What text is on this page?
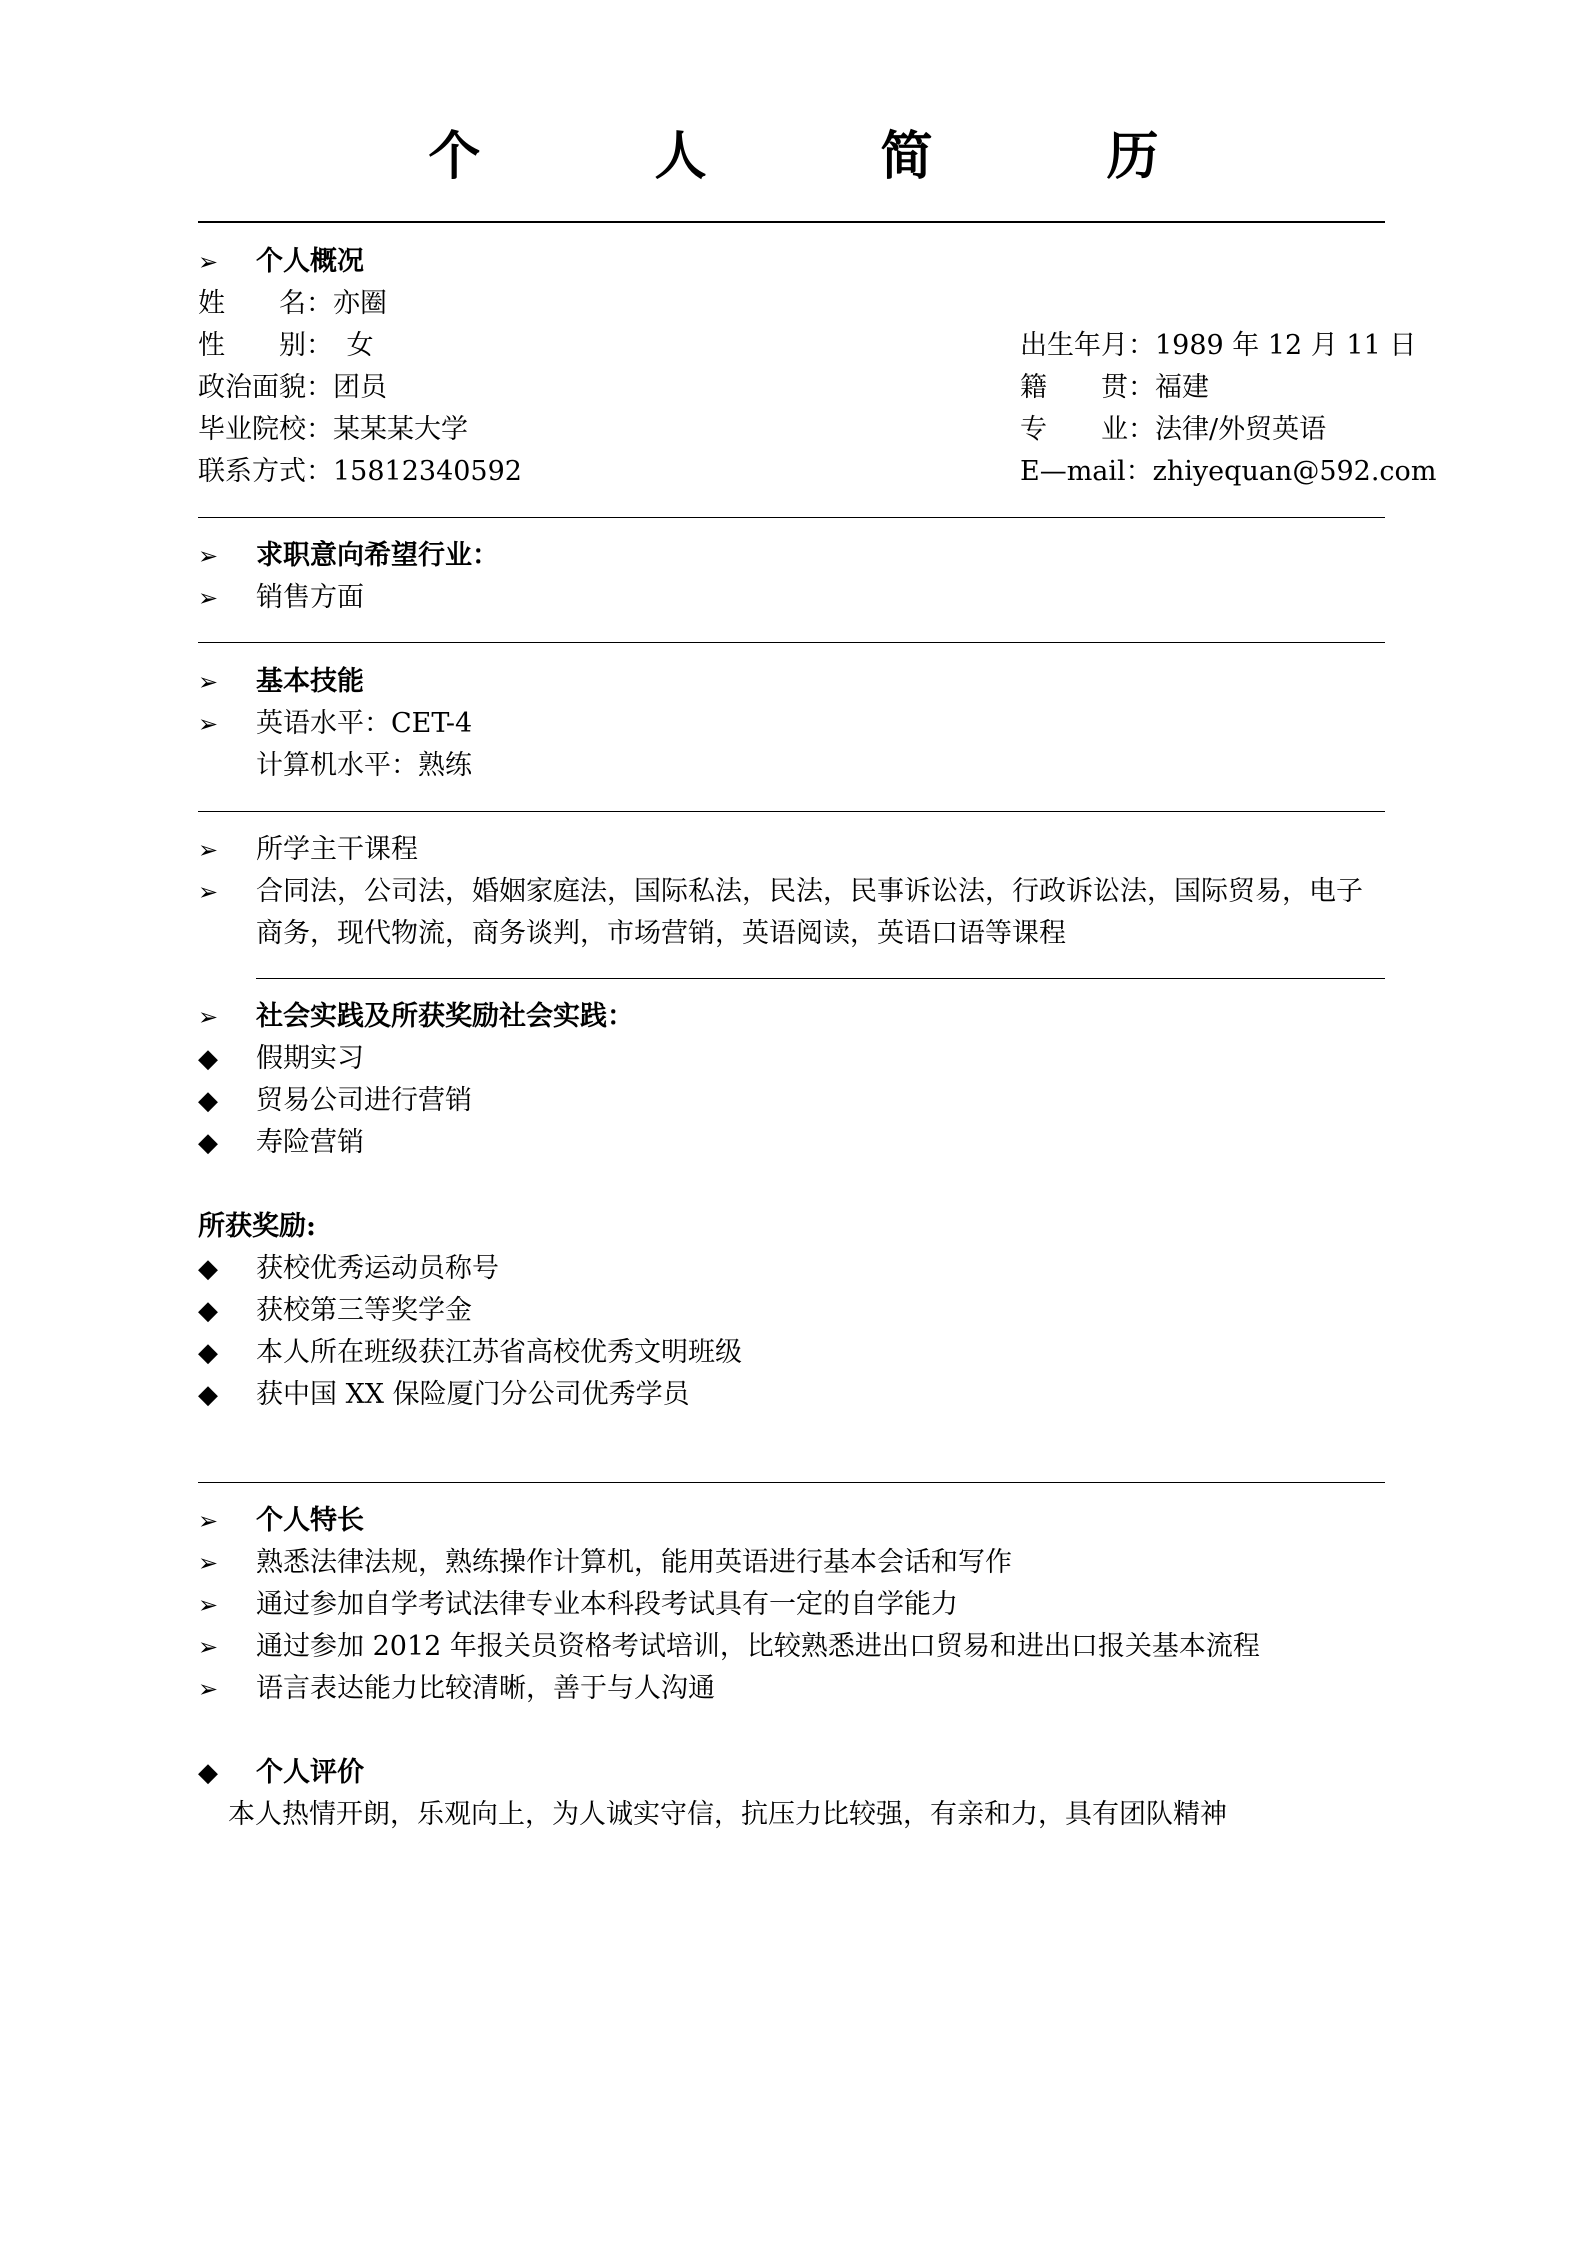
个 人 简 历
➢ 个人概况
姓　　名：亦圈
性　　别：　女	出生年月：1989 年 12 月 11 日
政治面貌：团员	籍　　贯：福建
毕业院校：某某某大学	专　　业：法律/外贸英语
联系方式：15812340592	E—mail：zhiyequan@592.com
➢ 求职意向希望行业：
➢ 销售方面
➢ 基本技能
➢ 英语水平：CET-4
计算机水平：熟练
➢ 所学主干课程
➢ 合同法，公司法，婚姻家庭法，国际私法，民法，民事诉讼法，行政诉讼法，国际贸易，电子
商务，现代物流，商务谈判，市场营销，英语阅读，英语口语等课程
➢ 社会实践及所获奖励社会实践：
◆ 假期实习
◆ 贸易公司进行营销
◆ 寿险营销
所获奖励:
◆ 获校优秀运动员称号
◆ 获校第三等奖学金
◆ 本人所在班级获江苏省高校优秀文明班级
◆ 获中国 XX 保险厦门分公司优秀学员
➢ 个人特长
➢ 熟悉法律法规，熟练操作计算机，能用英语进行基本会话和写作
➢ 通过参加自学考试法律专业本科段考试具有一定的自学能力
➢ 通过参加 2012 年报关员资格考试培训，比较熟悉进出口贸易和进出口报关基本流程
➢ 语言表达能力比较清晰，善于与人沟通
◆ 个人评价
本人热情开朗，乐观向上，为人诚实守信，抗压力比较强，有亲和力，具有团队精神
